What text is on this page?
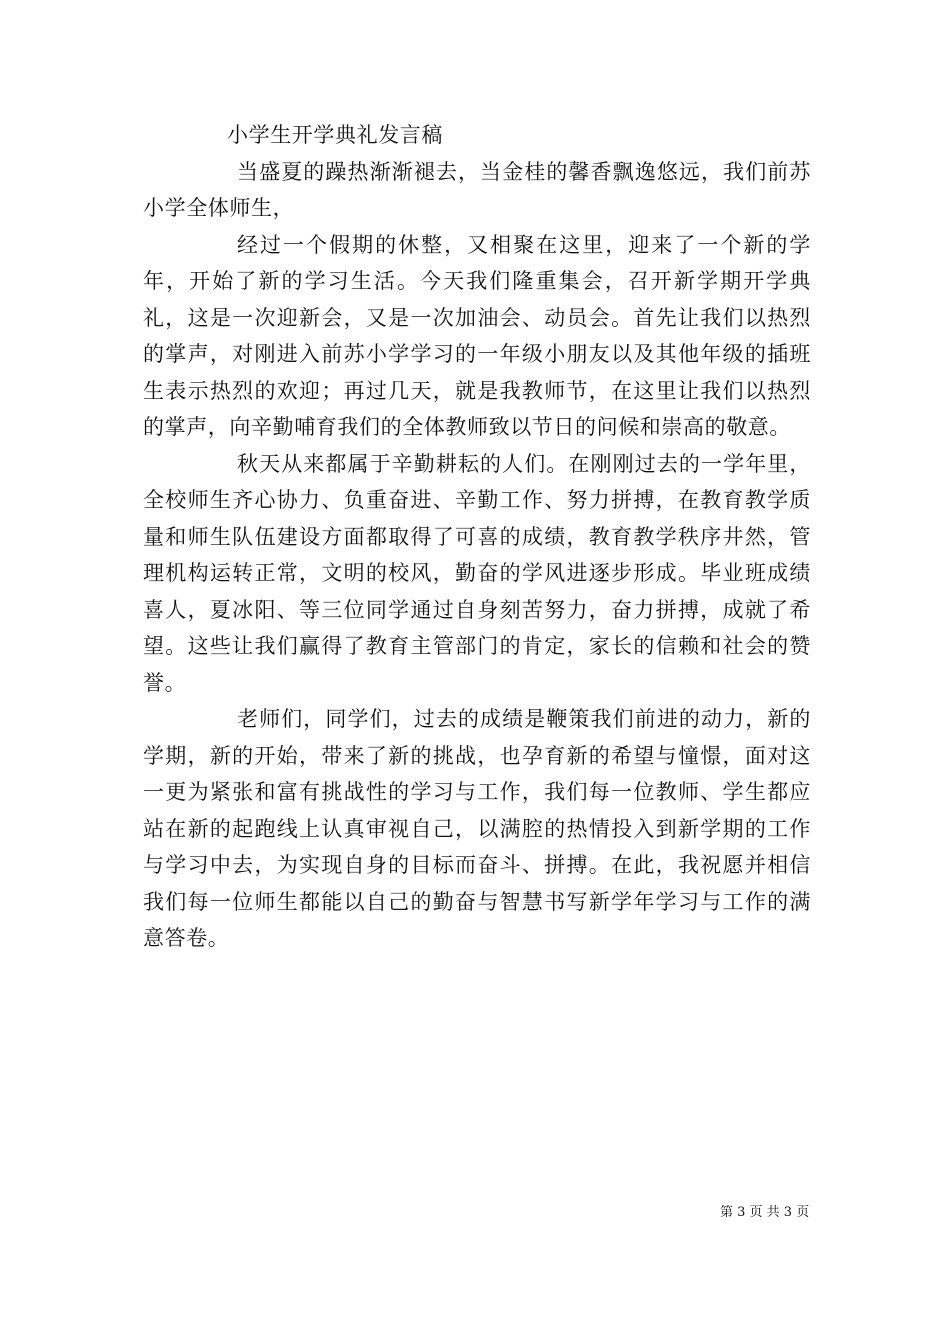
小学生开学典礼发言稿

当盛夏的躁热渐渐褪去，当金桂的馨香飘逸悠远，我们前苏小学全体师生，

经过一个假期的休整，又相聚在这里，迎来了一个新的学年，开始了新的学习生活。今天我们隆重集会，召开新学期开学典礼，这是一次迎新会，又是一次加油会、动员会。首先让我们以热烈的掌声，对刚进入前苏小学学习的一年级小朋友以及其他年级的插班生表示热烈的欢迎；再过几天，就是我教师节，在这里让我们以热烈的掌声，向辛勤哺育我们的全体教师致以节日的问候和崇高的敬意。

秋天从来都属于辛勤耕耘的人们。在刚刚过去的一学年里，全校师生齐心协力、负重奋进、辛勤工作、努力拼搏，在教育教学质量和师生队伍建设方面都取得了可喜的成绩，教育教学秩序井然，管理机构运转正常，文明的校风，勤奋的学风进逐步形成。毕业班成绩喜人，夏冰阳、等三位同学通过自身刻苦努力，奋力拼搏，成就了希望。这些让我们赢得了教育主管部门的肯定，家长的信赖和社会的赞誉。

老师们，同学们，过去的成绩是鞭策我们前进的动力，新的学期，新的开始，带来了新的挑战，也孕育新的希望与憧憬，面对这一更为紧张和富有挑战性的学习与工作，我们每一位教师、学生都应站在新的起跑线上认真审视自己，以满腔的热情投入到新学期的工作与学习中去，为实现自身的目标而奋斗、拼搏。在此，我祝愿并相信我们每一位师生都能以自己的勤奋与智慧书写新学年学习与工作的满意答卷。

第 3 页 共 3 页
